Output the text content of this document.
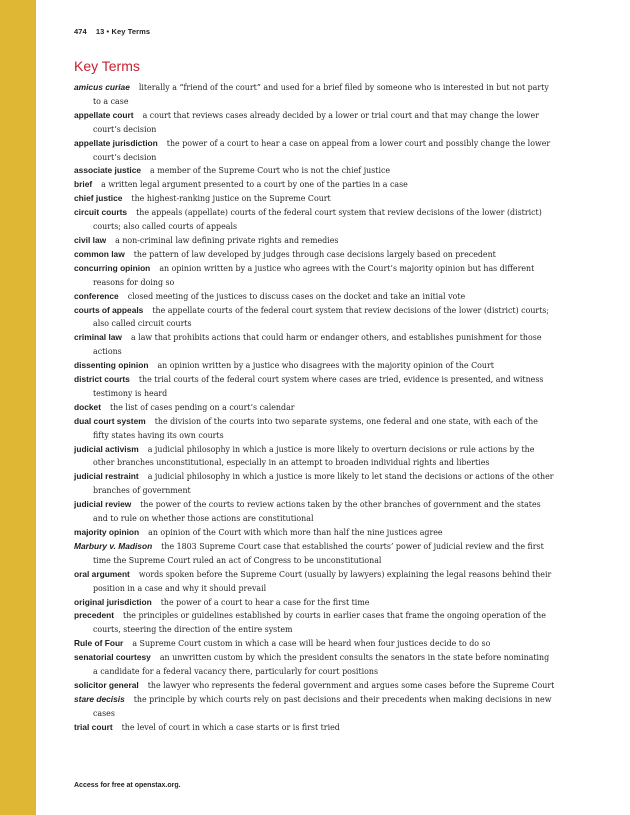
474 13 • Key Terms
Key Terms

amicus curiae literally a “friend of the court” and used for a brief filed by someone who is interested in but not party to a case

appellate court a court that reviews cases already decided by a lower or trial court and that may change the lower court’s decision

appellate jurisdiction the power of a court to hear a case on appeal from a lower court and possibly change the lower court’s decision

associate justice a member of the Supreme Court who is not the chief justice

brief a written legal argument presented to a court by one of the parties in a case

chief justice the highest-ranking justice on the Supreme Court

circuit courts the appeals (appellate) courts of the federal court system that review decisions of the lower (district) courts; also called courts of appeals

civil law a non-criminal law defining private rights and remedies

common law the pattern of law developed by judges through case decisions largely based on precedent

concurring opinion an opinion written by a justice who agrees with the Court’s majority opinion but has different reasons for doing so

conference closed meeting of the justices to discuss cases on the docket and take an initial vote

courts of appeals the appellate courts of the federal court system that review decisions of the lower (district) courts; also called circuit courts

criminal law a law that prohibits actions that could harm or endanger others, and establishes punishment for those actions

dissenting opinion an opinion written by a justice who disagrees with the majority opinion of the Court

district courts the trial courts of the federal court system where cases are tried, evidence is presented, and witness testimony is heard

docket the list of cases pending on a court’s calendar

dual court system the division of the courts into two separate systems, one federal and one state, with each of the fifty states having its own courts

judicial activism a judicial philosophy in which a justice is more likely to overturn decisions or rule actions by the other branches unconstitutional, especially in an attempt to broaden individual rights and liberties

judicial restraint a judicial philosophy in which a justice is more likely to let stand the decisions or actions of the other branches of government

judicial review the power of the courts to review actions taken by the other branches of government and the states and to rule on whether those actions are constitutional

majority opinion an opinion of the Court with which more than half the nine justices agree

Marbury v. Madison the 1803 Supreme Court case that established the courts’ power of judicial review and the first time the Supreme Court ruled an act of Congress to be unconstitutional

oral argument words spoken before the Supreme Court (usually by lawyers) explaining the legal reasons behind their position in a case and why it should prevail

original jurisdiction the power of a court to hear a case for the first time

precedent the principles or guidelines established by courts in earlier cases that frame the ongoing operation of the courts, steering the direction of the entire system

Rule of Four a Supreme Court custom in which a case will be heard when four justices decide to do so

senatorial courtesy an unwritten custom by which the president consults the senators in the state before nominating a candidate for a federal vacancy there, particularly for court positions

solicitor general the lawyer who represents the federal government and argues some cases before the Supreme Court

stare decisis the principle by which courts rely on past decisions and their precedents when making decisions in new cases

trial court the level of court in which a case starts or is first tried

Access for free at openstax.org.
